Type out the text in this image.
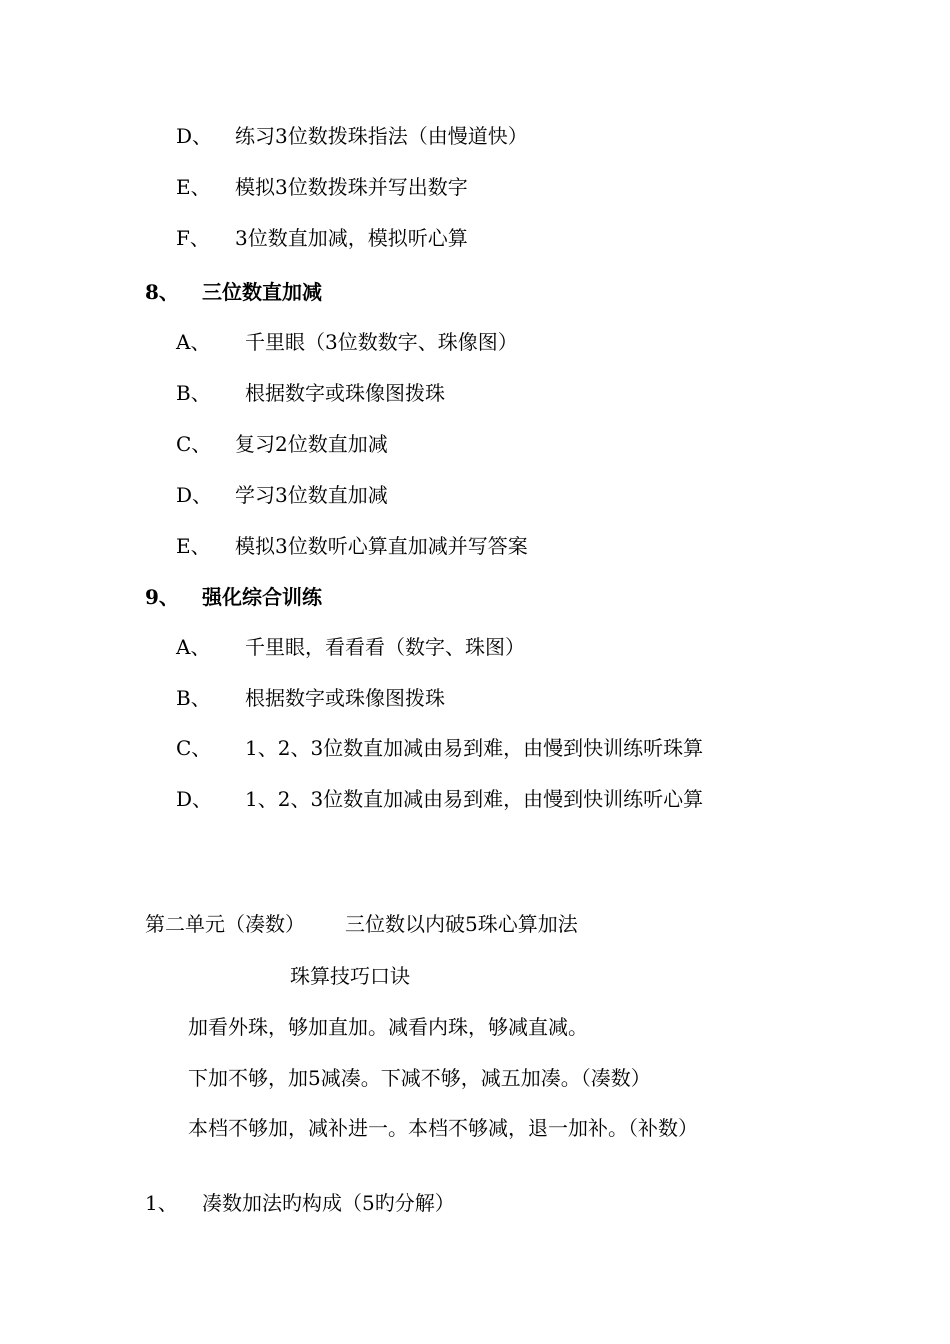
D、 练习3位数拨珠指法（由慢道快）
E、 模拟3位数拨珠并写出数字
F、 3位数直加减，模拟听心算
8、 三位数直加减
A、 千里眼（3位数数字、珠像图）
B、 根据数字或珠像图拨珠
C、 复习2位数直加减
D、 学习3位数直加减
E、 模拟3位数听心算直加减并写答案
9、 强化综合训练
A、 千里眼，看看看（数字、珠图）
B、 根据数字或珠像图拨珠
C、 1、2、3位数直加减由易到难，由慢到快训练听珠算
D、 1、2、3位数直加减由易到难，由慢到快训练听心算
第二单元（凑数） 三位数以内破5珠心算加法
珠算技巧口诀
加看外珠，够加直加。减看内珠，够减直减。
下加不够，加5减凑。下减不够，减五加凑。（凑数）
本档不够加，减补进一。本档不够减，退一加补。（补数）
1、 凑数加法旳构成（5旳分解）
